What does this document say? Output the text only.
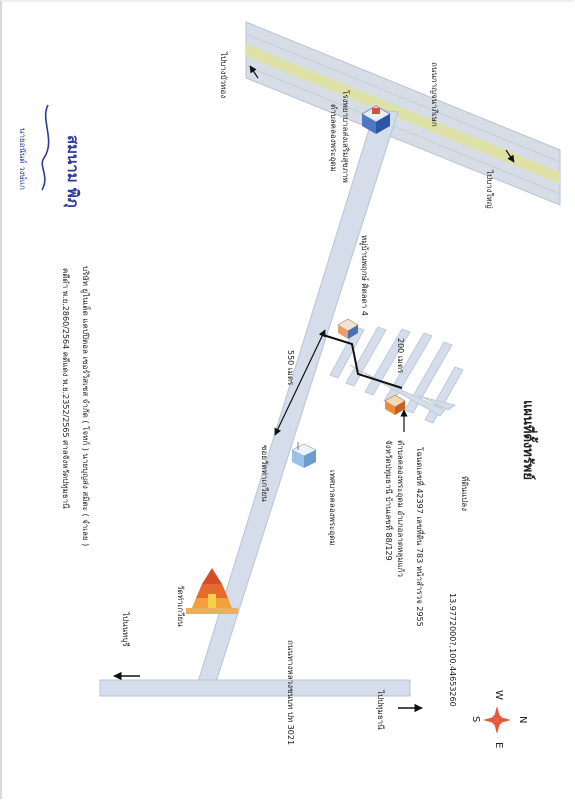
แผนที่ตั้งทรัพย์
ที่ดินแปลง
13.9772000?,100.44653260
โฉนดเลขที่ 42397 เลขที่ดิน 783 หน้าสำรวจ 2955
ตำบลคลองพระอุดม อำเภอลาดหลุมแก้ว
จังหวัดปทุมธานี บ้านเลขที่ 88/129
ถนนกาญจนาภิเษก
ถนนทางหลวงชนบท ปท 3021
หมู่บ้านพฤกษ์ ศิตลดา 4
ซอยวัดท่าเกวียน
ไปบางบัวทอง
ไปบางใหญ่
ไปปทุมธานี
ไปนนทบุรี
200 เมตร
550 เมตร
โรงพยาบาลส่งเสริมสุขภาพ
ตำบลคลองพระอุดม
เทศบาลคลองพระอุดม
วัดท่าเกวียน
สมนาม พิภุ
นายอนันต์ วงษ์แก
บริษัท ยูไนเต็ด แคปปิตอล เซอร์วิสเซส จำกัด ( โจทก์ ) นายบุญส่ง สมิตะ ( จำเลย )
คดีดำ พ.ย.2860/2564 คดีแดง พ.ย.2352/2565 ศาลจังหวัดปทุมธานี
N
S
W
E
